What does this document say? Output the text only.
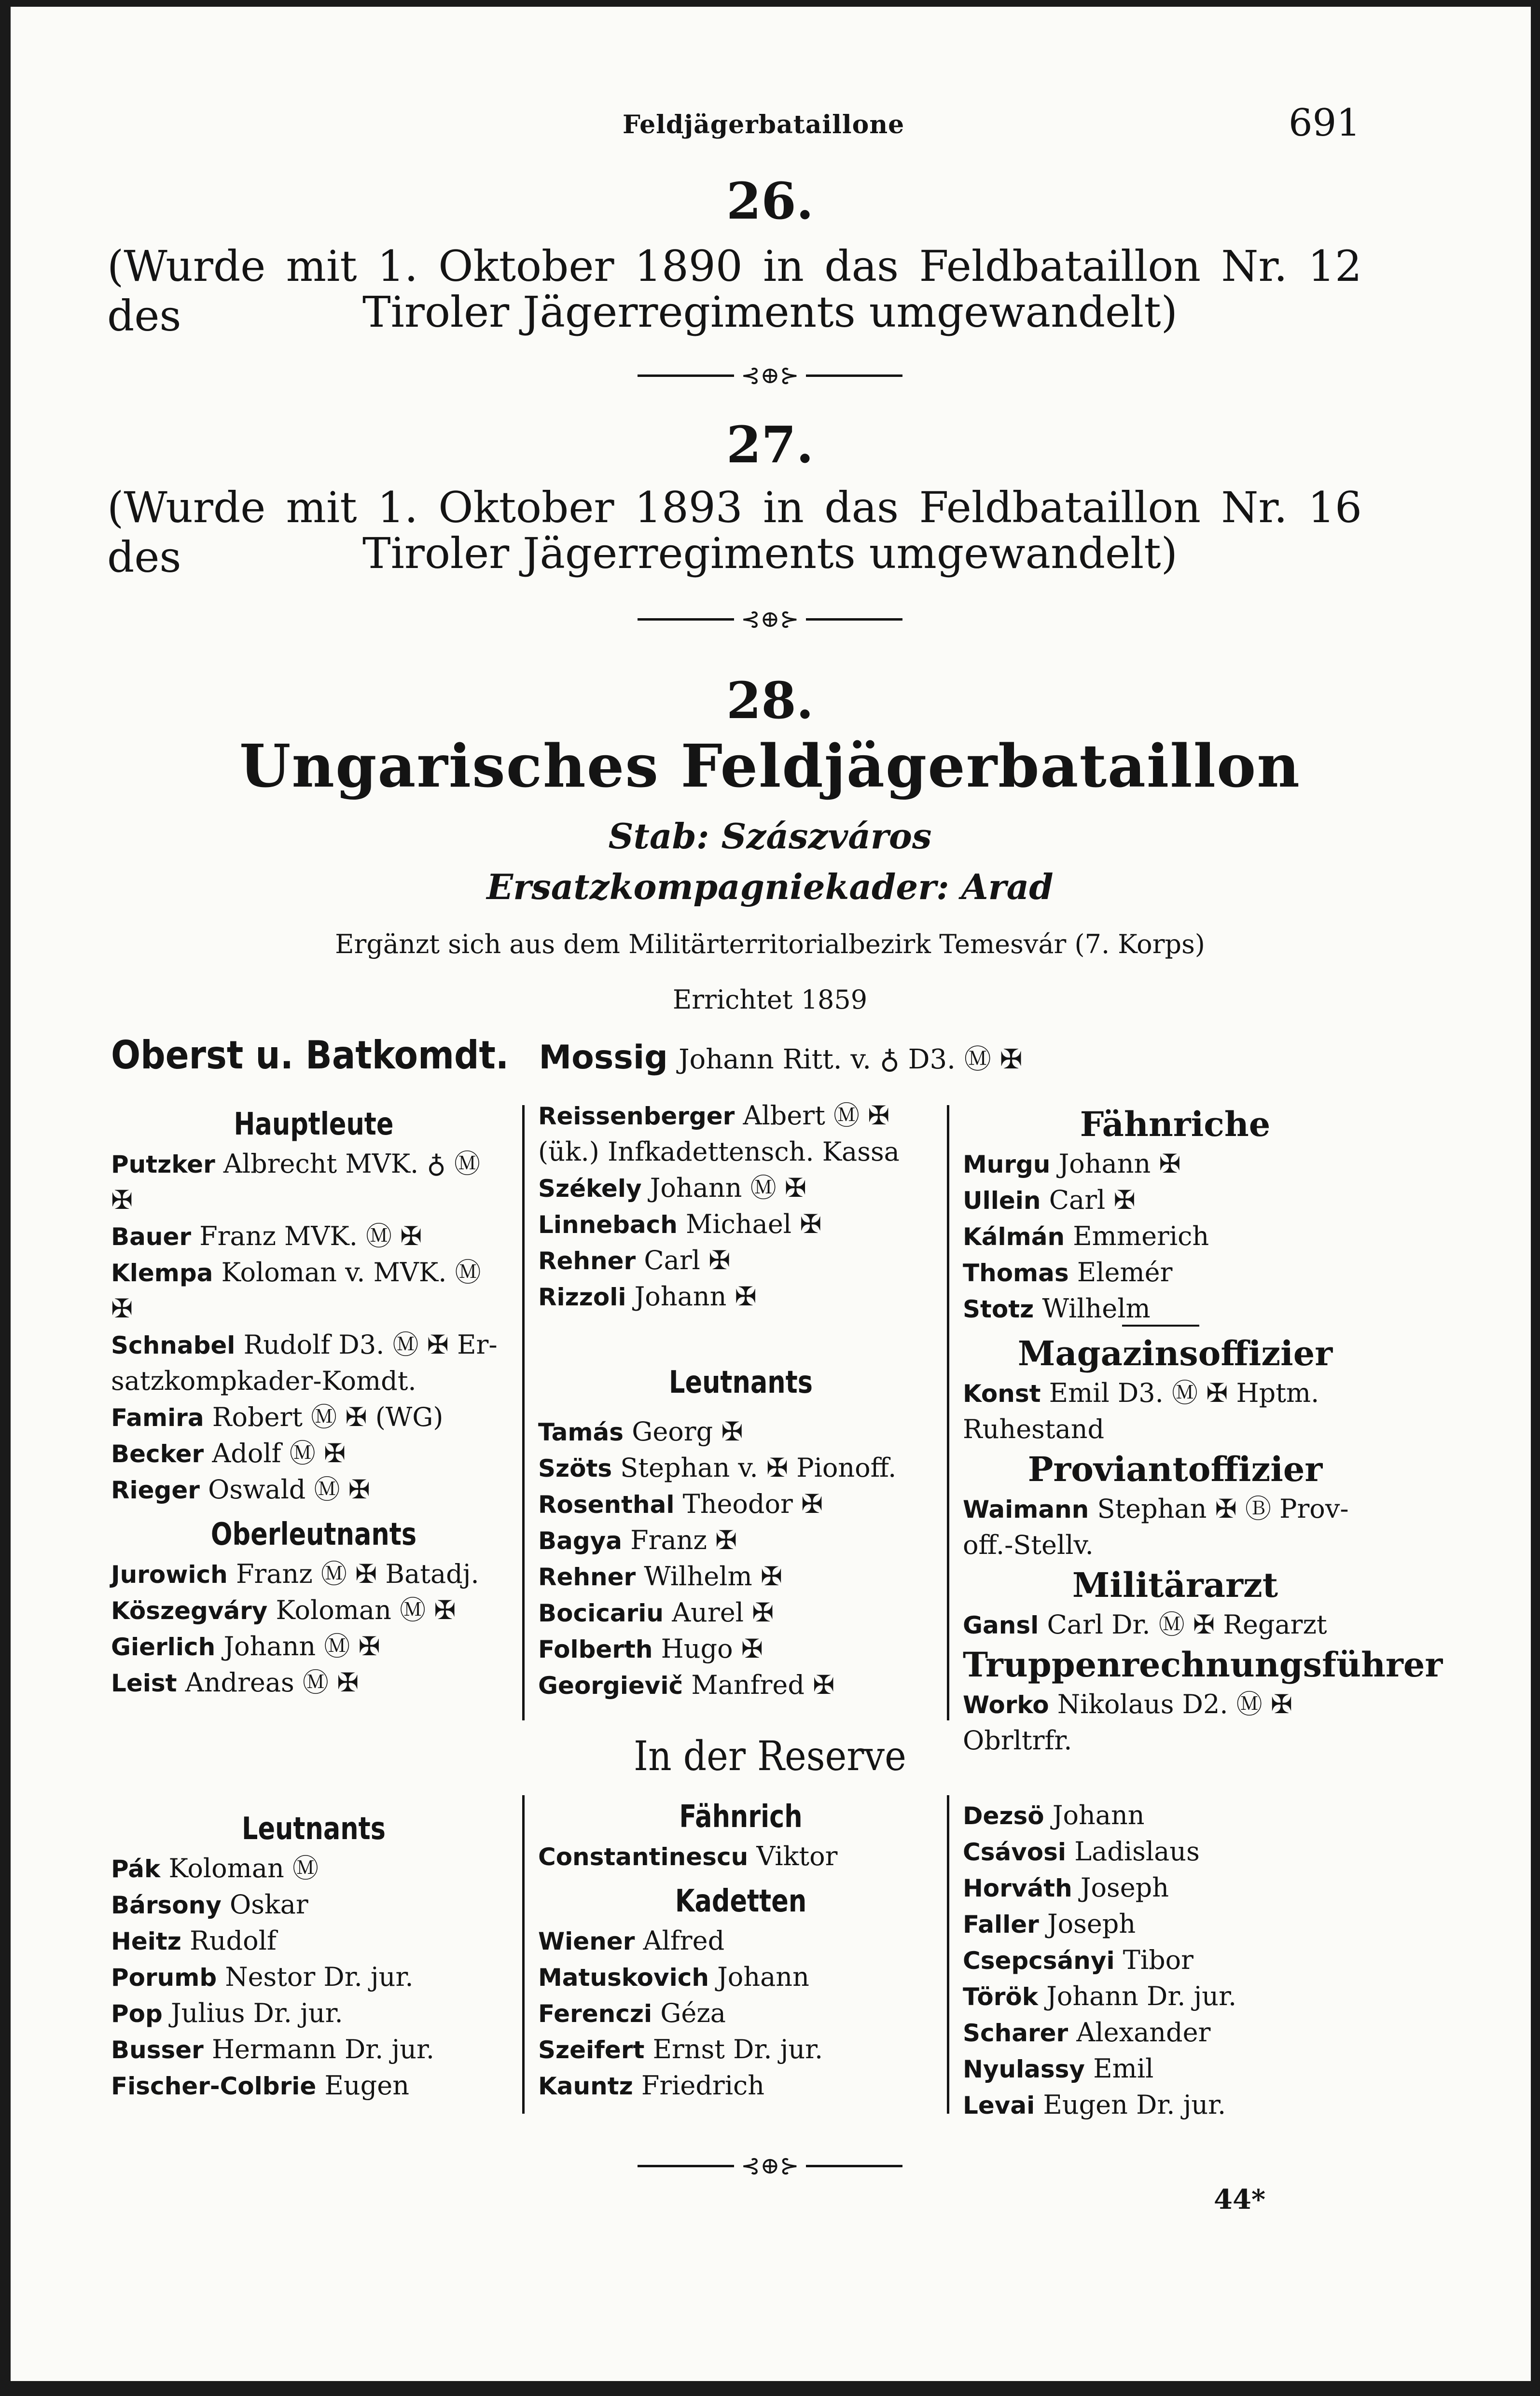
Feldjägerbataillone	691
26.
(Wurde mit 1. Oktober 1890 in das Feldbataillon Nr. 12 des	Tiroler Jägerregiments umgewandelt)
⊰⊕⊱
27.
(Wurde mit 1. Oktober 1893 in das Feldbataillon Nr. 16 des	Tiroler Jägerregiments umgewandelt)
⊰⊕⊱
28.
Ungarisches Feldjägerbataillon
Stab: Szászváros
Ersatzkompagniekader: Arad
Ergänzt sich aus dem Militärterritorialbezirk Temesvár (7. Korps)
Errichtet 1859
Oberst u. Batkomdt. Mossig Johann Ritt. v. ♁ D3. Ⓜ ✠
Hauptleute
Putzker Albrecht MVK. ♁ Ⓜ
✠
Bauer Franz MVK. Ⓜ ✠
Klempa Koloman v. MVK. Ⓜ
✠
Schnabel Rudolf D3. Ⓜ ✠ Er-
satzkompkader-Komdt.
Famira Robert Ⓜ ✠ (WG)
Becker Adolf Ⓜ ✠
Rieger Oswald Ⓜ ✠
Oberleutnants
Jurowich Franz Ⓜ ✠ Batadj.
Köszegváry Koloman Ⓜ ✠
Gierlich Johann Ⓜ ✠
Leist Andreas Ⓜ ✠
Reissenberger Albert Ⓜ ✠
(ük.) Infkadettensch. Kassa
Székely Johann Ⓜ ✠
Linnebach Michael ✠
Rehner Carl ✠
Rizzoli Johann ✠
Leutnants
Tamás Georg ✠
Szöts Stephan v. ✠ Pionoff.
Rosenthal Theodor ✠
Bagya Franz ✠
Rehner Wilhelm ✠
Bocicariu Aurel ✠
Folberth Hugo ✠
Georgievič Manfred ✠
Fähnriche
Murgu Johann ✠
Ullein Carl ✠
Kálmán Emmerich
Thomas Elemér
Stotz Wilhelm
Magazinsoffizier
Konst Emil D3. Ⓜ ✠ Hptm.
Ruhestand
Proviantoffizier
Waimann Stephan ✠ Ⓑ Prov-
off.-Stellv.
Militärarzt
Gansl Carl Dr. Ⓜ ✠ Regarzt
Truppenrechnungsführer
Worko Nikolaus D2. Ⓜ ✠
Obrltrfr.
In der Reserve
Leutnants
Pák Koloman Ⓜ
Bársony Oskar
Heitz Rudolf
Porumb Nestor Dr. jur.
Pop Julius Dr. jur.
Busser Hermann Dr. jur.
Fischer-Colbrie Eugen
Fähnrich
Constantinescu Viktor
Kadetten
Wiener Alfred
Matuskovich Johann
Ferenczi Géza
Szeifert Ernst Dr. jur.
Kauntz Friedrich
Dezsö Johann
Csávosi Ladislaus
Horváth Joseph
Faller Joseph
Csepcsányi Tibor
Török Johann Dr. jur.
Scharer Alexander
Nyulassy Emil
Levai Eugen Dr. jur.
⊰⊕⊱
44*
